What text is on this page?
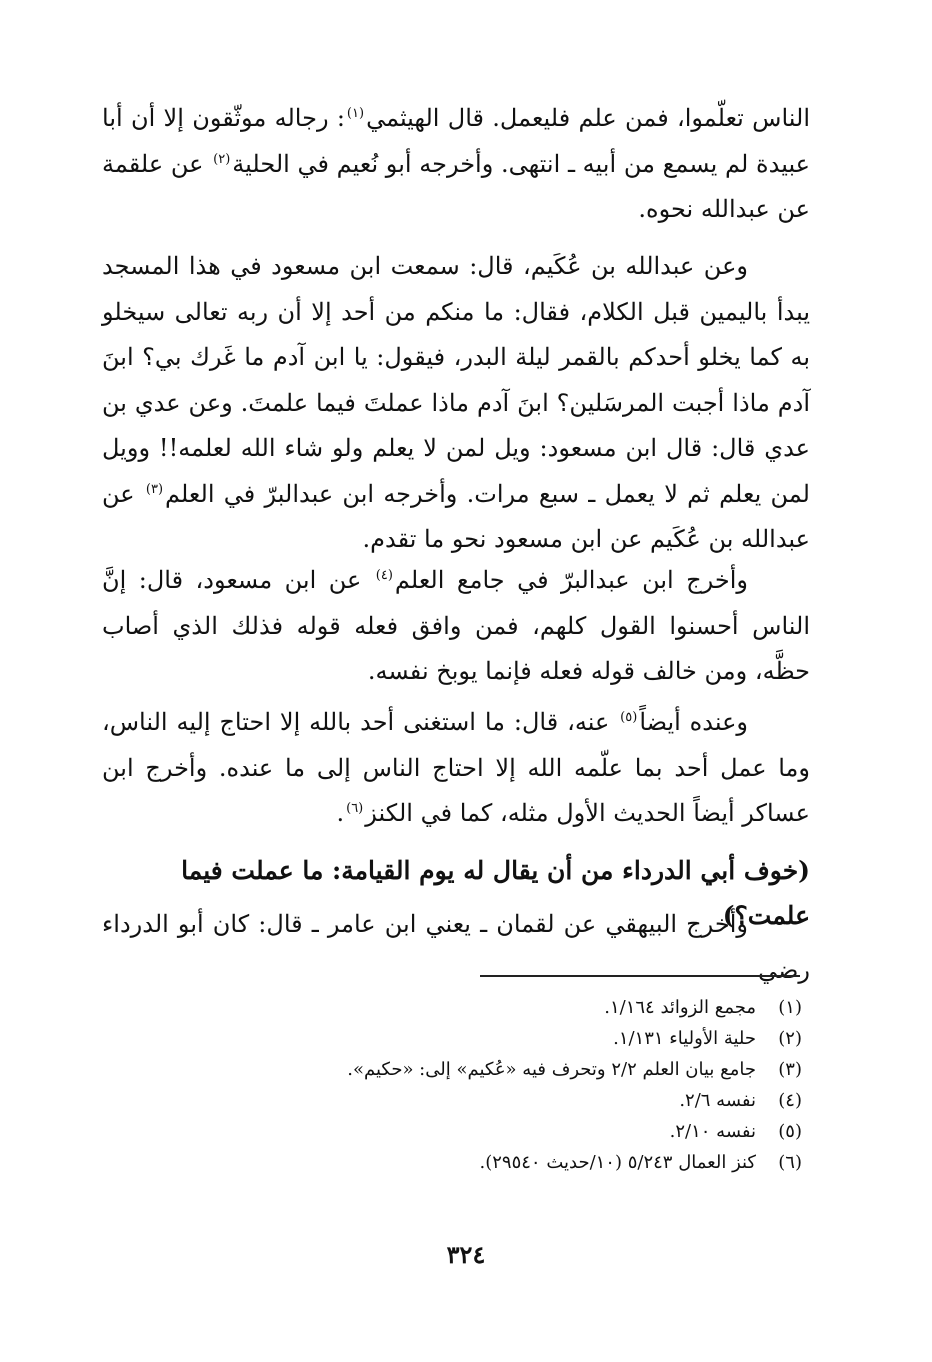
الناس تعلّموا، فمن علم فليعمل. قال الهيثمي$^{(١)}$: رجاله موثّقون إلا أن أبا عبيدة لم يسمع من أبيه ـ انتهى. وأخرجه أبو نُعيم في الحلية$^{(٢)}$ عن علقمة عن عبدالله نحوه.

وعن عبدالله بن عُكَيم، قال: سمعت ابن مسعود في هذا المسجد يبدأ باليمين قبل الكلام، فقال: ما منكم من أحد إلا أن ربه تعالى سيخلو به كما يخلو أحدكم بالقمر ليلة البدر، فيقول: يا ابن آدم ما غَرك بي؟ ابنَ آدم ماذا أجبت المرسَلين؟ ابنَ آدم ماذا عملتَ فيما علمتَ. وعن عدي بن عدي قال: قال ابن مسعود: ويل لمن لا يعلم ولو شاء الله لعلمه!! وويل لمن يعلم ثم لا يعمل ـ سبع مرات. وأخرجه ابن عبدالبرّ في العلم$^{(٣)}$ عن عبدالله بن عُكَيم عن ابن مسعود نحو ما تقدم.

وأخرج ابن عبدالبرّ في جامع العلم$^{(٤)}$ عن ابن مسعود، قال: إنَّ الناس أحسنوا القول كلهم، فمن وافق فعله قوله فذلك الذي أصاب حظَّه، ومن خالف قوله فعله فإنما يوبخ نفسه.

وعنده أيضاً$^{(٥)}$ عنه، قال: ما استغنى أحد بالله إلا احتاج إليه الناس، وما عمل أحد بما علّمه الله إلا احتاج الناس إلى ما عنده. وأخرج ابن عساكر أيضاً الحديث الأول مثله، كما في الكنز$^{(٦)}$.

(خوف أبي الدرداء من أن يقال له يوم القيامة: ما عملت فيما علمت؟)

وأخرج البيهقي عن لقمان ـ يعني ابن عامر ـ قال: كان أبو الدرداء رضي

(١)
مجمع الزوائد ١/١٦٤.
(٢)
حلية الأولياء ١/١٣١.
(٣)
جامع بيان العلم ٢/٢ وتحرف فيه «عُكيم» إلى: «حكيم».
(٤)
نفسه ٢/٦.
(٥)
نفسه ٢/١٠.
(٦)
كنز العمال ٥/٢٤٣ (١٠/حديث ٢٩٥٤٠).
٣٢٤
